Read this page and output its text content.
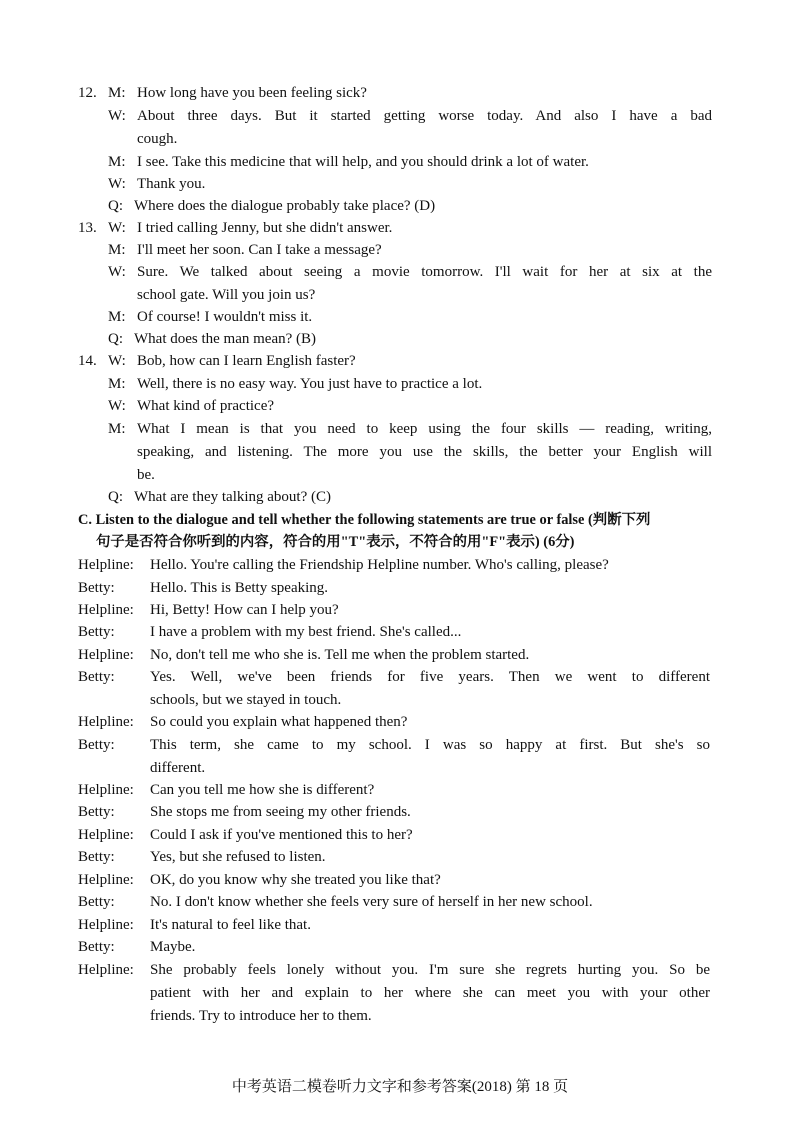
12. M: How long have you been feeling sick?
W: About three days. But it started getting worse today. And also I have a bad
cough.
M: I see. Take this medicine that will help, and you should drink a lot of water.
W: Thank you.
Q: Where does the dialogue probably take place? (D)
13. W: I tried calling Jenny, but she didn't answer.
M: I'll meet her soon. Can I take a message?
W: Sure. We talked about seeing a movie tomorrow. I'll wait for her at six at the
school gate. Will you join us?
M: Of course! I wouldn't miss it.
Q: What does the man mean? (B)
14. W: Bob, how can I learn English faster?
M: Well, there is no easy way. You just have to practice a lot.
W: What kind of practice?
M: What I mean is that you need to keep using the four skills — reading, writing,
speaking, and listening. The more you use the skills, the better your English will
be.
Q: What are they talking about? (C)
C. Listen to the dialogue and tell whether the following statements are true or false (判断下列
句子是否符合你听到的内容，符合的用"T"表示，不符合的用"F"表示) (6分)
Helpline: Hello. You're calling the Friendship Helpline number. Who's calling, please?
Betty: Hello. This is Betty speaking.
Helpline: Hi, Betty! How can I help you?
Betty: I have a problem with my best friend. She's called...
Helpline: No, don't tell me who she is. Tell me when the problem started.
Betty: Yes. Well, we've been friends for five years. Then we went to different
schools, but we stayed in touch.
Helpline: So could you explain what happened then?
Betty: This term, she came to my school. I was so happy at first. But she's so
different.
Helpline: Can you tell me how she is different?
Betty: She stops me from seeing my other friends.
Helpline: Could I ask if you've mentioned this to her?
Betty: Yes, but she refused to listen.
Helpline: OK, do you know why she treated you like that?
Betty: No. I don't know whether she feels very sure of herself in her new school.
Helpline: It's natural to feel like that.
Betty: Maybe.
Helpline: She probably feels lonely without you. I'm sure she regrets hurting you. So be
patient with her and explain to her where she can meet you with your other
friends. Try to introduce her to them.
中考英语二模卷听力文字和参考答案(2018) 第 18 页
